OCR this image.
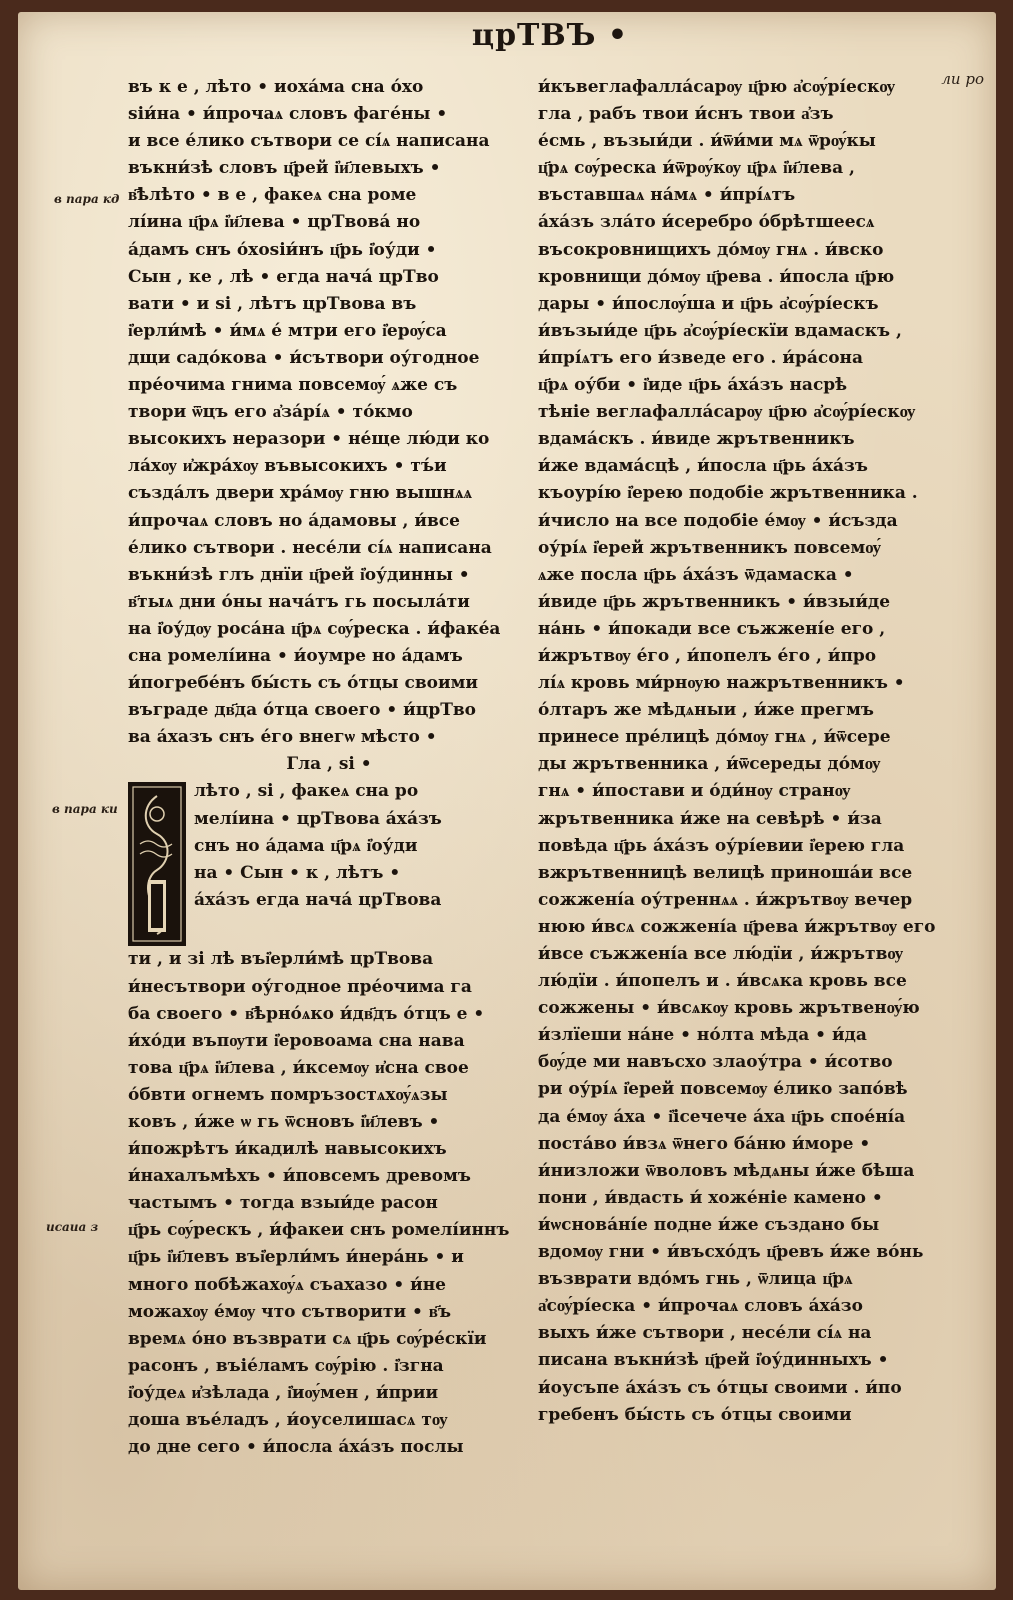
црТВЪ •
ли ро
в пара кд
в пара ки
исаиа з
въ к е , лѣто • иоха́ма сна о́хо
ѕіи́на • и́прочаѧ словъ фаге́ны •
и все е́лико сътвори се сі́ѧ написана
въкни́зѣ словъ ц҃рей і҆и҃левыхъ •
в҃ѣлѣто • в е , факеѧ сна роме
лі́ина ц҃рѧ і҆и҃лева • црТвова́ но
а́дамъ снъ о́хоѕіи́нъ ц҃рь і҆оу́ди •
Сын , ке , лѣ • егда нача́ црТво
вати • и ѕі , лѣтъ црТвова въ
і҆ерли́мѣ • и́мѧ е́ мтри его і҆ерѹ́са
дщи садо́кова • и́сътвори оу́годное
пре́очима гнима повсемѹ́ ѧже съ
твори ѿцъ его а҆за́рі́ѧ • то́кмо
высокихъ неразори • не́ще лю́ди ко
ла́хѹ и҆жра́хѹ въвысокихъ • тъ́и
създа́лъ двери хра́мѹ гню вышнѧѧ
и́прочаѧ словъ но а́дамовы , и́все
е́лико сътвори . несе́ли сі́ѧ написана
въкни́зѣ глъ днїи ц҃рей і҆оу́динны •
в҃тыѧ дни о́ны нача́тъ гь посыла́ти
на і҆оу́дѹ роса́на ц҃рѧ сѹ́реска . и́факе́а
сна ромелі́ина • и́оумре но а́дамъ
и́погребе́нъ бы́сть съ о́тцы своими
въграде дв҃да о́тца своего • и́црТво
ва а́хазъ снъ е́го внегѡ мѣсто •
Гла , ѕі •
лѣто , ѕі , факеѧ сна ро
мелі́ина • црТвова а́ха́зъ
снъ но а́дама ц҃рѧ і҆оу́ди
на • Сын • к , лѣтъ •
а́ха́зъ егда нача́ црТвова
ти , и зі лѣ въі҆ерли́мѣ црТвова
и́несътвори оу́годное пре́очима га
ба своего • в҃ѣрно́ѧко и́дв҃дъ о́тцъ е •
и́хо́ди въпѹти і҆еровоама сна нава
това ц҃рѧ і҆и҃лева , и́ксемѹ и҆сна свое
о́бвти огнемъ помръзостѧхѹ́ѧзы
ковъ , и́же ѡ гь ѿсновъ і҆и҃левъ •
и́пожрѣтъ и́кадилѣ навысокихъ
и́нахалъмѣхъ • и́повсемъ древомъ
частымъ • тогда взыи́де расон
ц҃рь сѹ́рескъ , и́факеи снъ ромелі́иннъ
ц҃рь і҆и҃левъ въі҆ерли́мъ и́нера́нь • и
много побѣжахѹ́ѧ съахазо • и́не
можахѹ е́мѹ что сътворити • в҃ъ
времѧ о́но възврати сѧ ц҃рь сѹ́ре́скїи
расонъ , въіе́ламъ сѹ́рію . і҆згна
і҆оу́деѧ и҆зѣлада , і҆иѹ́мен , и́прии
доша въе́ладъ , и́оуселишасѧ тѹ
до дне сего • и́посла а́ха́зъ послы
и́къвеглафалла́сарѹ ц҃рю а҆сѹ́рі́ескѹ
гла , рабъ твои и́снъ твои а҆зъ
е́смь , възыи́ди . и́ѿи́ми мѧ ѿрѹ́кы
ц҃рѧ сѹ́реска и́ѿрѹ́кѹ ц҃рѧ і҆и҃лева ,
въставшаѧ на́мѧ • и́прі́ѧтъ
а́ха́зъ зла́то и́серебро о́брѣтшеесѧ
въсокровнищихъ до́мѹ гнѧ . и́вско
кровнищи до́мѹ ц҃рева . и́посла ц҃рю
дары • и́послѹ́ша и ц҃рь а҆сѹ́рі́ескъ
и́възыи́де ц҃рь а҆сѹ́рі́ескїи вдамаскъ ,
и́прі́ѧтъ его и́зведе его . и́ра́сона
ц҃рѧ оу́би • і҆иде ц҃рь а́ха́зъ насрѣ
тѣніе веглафалла́сарѹ ц҃рю а҆сѹ́рі́ескѹ
вдама́скъ . и́виде жрътвенникъ
и́же вдама́сцѣ , и́посла ц҃рь а́ха́зъ
къоурі́ю і҆ерею подобіе жрътвенника .
и́число на все подобіе е́мѹ • и́създа
оу́рі́ѧ і҆ерей жрътвенникъ повсемѹ́
ѧже посла ц҃рь а́ха́зъ ѿдамаска •
и́виде ц҃рь жрътвенникъ • и́взыи́де
на́нь • и́покади все съжжені́е его ,
и́жрътвѹ е́го , и́попелъ е́го , и́про
лі́ѧ кровь ми́рнѹю нажрътвенникъ •
о́лтаръ же мѣдѧныи , и́же прегмъ
принесе пре́лицѣ до́мѹ гнѧ , и́ѿсере
ды жрътвенника , и́ѿсереды до́мѹ
гнѧ • и́постави и о́ди́нѹ странѹ
жрътвенника и́же на севѣрѣ • и́за
повѣда ц҃рь а́ха́зъ оу́рі́евии і҆ерею гла
вжрътвенницѣ велицѣ приноша́и все
сожжені́а оу́треннѧѧ . и́жрътвѹ вечер
нюю и́всѧ сожжені́а ц҃рева и́жрътвѹ его
и́все съжжені́а все лю́дїи , и́жрътвѹ
лю́дїи . и́попелъ и . и́всѧка кровь все
сожжены • и́всѧкѹ кровь жрътвенѹ́ю
и́злїеши на́не • но́лта мѣда • и́да
бѹ́де ми навъсхо злаоу́тра • и́сотво
ри оу́рі́ѧ і҆ерей повсемѹ е́лико запо́вѣ
да е́мѹ а́ха • і҆ісечече а́ха ц҃рь спое́ні́а
поста́во и́взѧ ѿнего ба́ню и́море •
и́низложи ѿволовъ мѣдѧны и́же бѣша
пони , и́вдасть и́ хоже́ніе камено •
и́ѡснова́ні́е подне и́же създано бы
вдомѹ гни • и́въсхо́дъ ц҃ревъ и́же во́нь
възврати вдо́мъ гнь , ѿлица ц҃рѧ
а҆сѹ́рі́еска • и́прочаѧ словъ а́ха́зо
выхъ и́же сътвори , несе́ли сі́ѧ на
писана въкни́зѣ ц҃рей і҆оу́динныхъ •
и́оусъпе а́ха́зъ съ о́тцы своими . и́по
гребенъ бы́сть съ о́тцы своими
